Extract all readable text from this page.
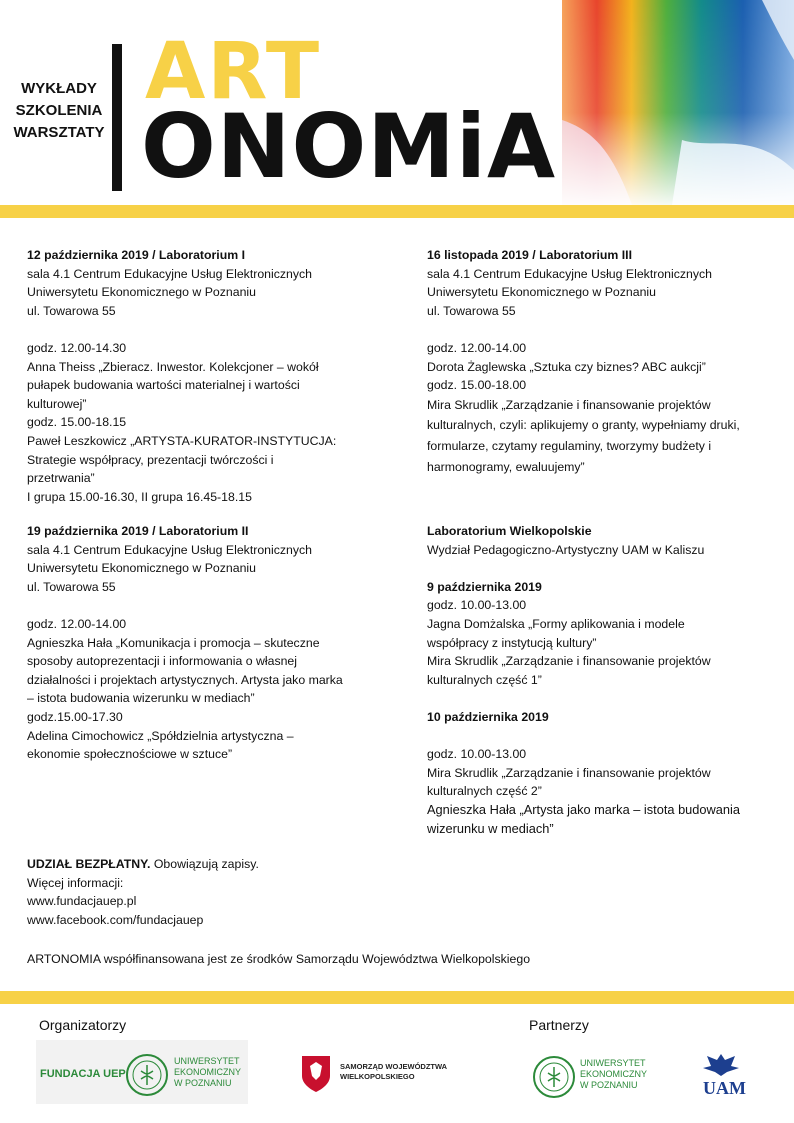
WYKŁADY
SZKOLENIA
WARSZTATY
ART
ONOMiA

12 października 2019 / Laboratorium I

sala 4.1 Centrum Edukacyjne Usług Elektronicznych

Uniwersytetu Ekonomicznego w Poznaniu

ul. Towarowa 55

godz. 12.00-14.30

Anna Theiss „Zbieracz. Inwestor. Kolekcjoner – wokół

pułapek budowania wartości materialnej i wartości

kulturowej”

godz. 15.00-18.15

Paweł Leszkowicz „ARTYSTA-KURATOR-INSTYTUCJA:

Strategie współpracy, prezentacji twórczości i

przetrwania”

I grupa 15.00-16.30, II grupa 16.45-18.15

19 października 2019 / Laboratorium II

sala 4.1 Centrum Edukacyjne Usług Elektronicznych

Uniwersytetu Ekonomicznego w Poznaniu

ul. Towarowa 55

godz. 12.00-14.00

Agnieszka Hała „Komunikacja i promocja – skuteczne

sposoby autoprezentacji i informowania o własnej

działalności i projektach artystycznych. Artysta jako marka

– istota budowania wizerunku w mediach”

godz.15.00-17.30

Adelina Cimochowicz „Spółdzielnia artystyczna –

ekonomie społecznościowe w sztuce”

16 listopada 2019 / Laboratorium III

sala 4.1 Centrum Edukacyjne Usług Elektronicznych

Uniwersytetu Ekonomicznego w Poznaniu

ul. Towarowa 55

godz. 12.00-14.00

Dorota Żaglewska „Sztuka czy biznes? ABC aukcji”

godz. 15.00-18.00

Mira Skrudlik „Zarządzanie i finansowanie projektów

kulturalnych, czyli: aplikujemy o granty, wypełniamy druki,

formularze, czytamy regulaminy, tworzymy budżety i

harmonogramy, ewaluujemy”

Laboratorium Wielkopolskie

Wydział Pedagogiczno-Artystyczny UAM w Kaliszu

9 października 2019

godz. 10.00-13.00

Jagna Domżalska „Formy aplikowania i modele

współpracy z instytucją kultury”

Mira Skrudlik „Zarządzanie i finansowanie projektów

kulturalnych część 1”

10 października 2019

godz. 10.00-13.00

Mira Skrudlik „Zarządzanie i finansowanie projektów

kulturalnych część 2”

Agnieszka Hała „Artysta jako marka – istota budowania

wizerunku w mediach”

UDZIAŁ BEZPŁATNY. Obowiązują zapisy.
Więcej informacji:
www.fundacjauep.pl
www.facebook.com/fundacjauep
ARTONOMIA współfinansowana jest ze środków Samorządu Województwa Wielkopolskiego
Organizatorzy	Partnerzy
FUNDACJA UEP
UNIWERSYTET
EKONOMICZNY
W POZNANIU
SAMORZĄD WOJEWÓDZTWA
WIELKOPOLSKIEGO
UNIWERSYTET
EKONOMICZNY
W POZNANIU	UAM
